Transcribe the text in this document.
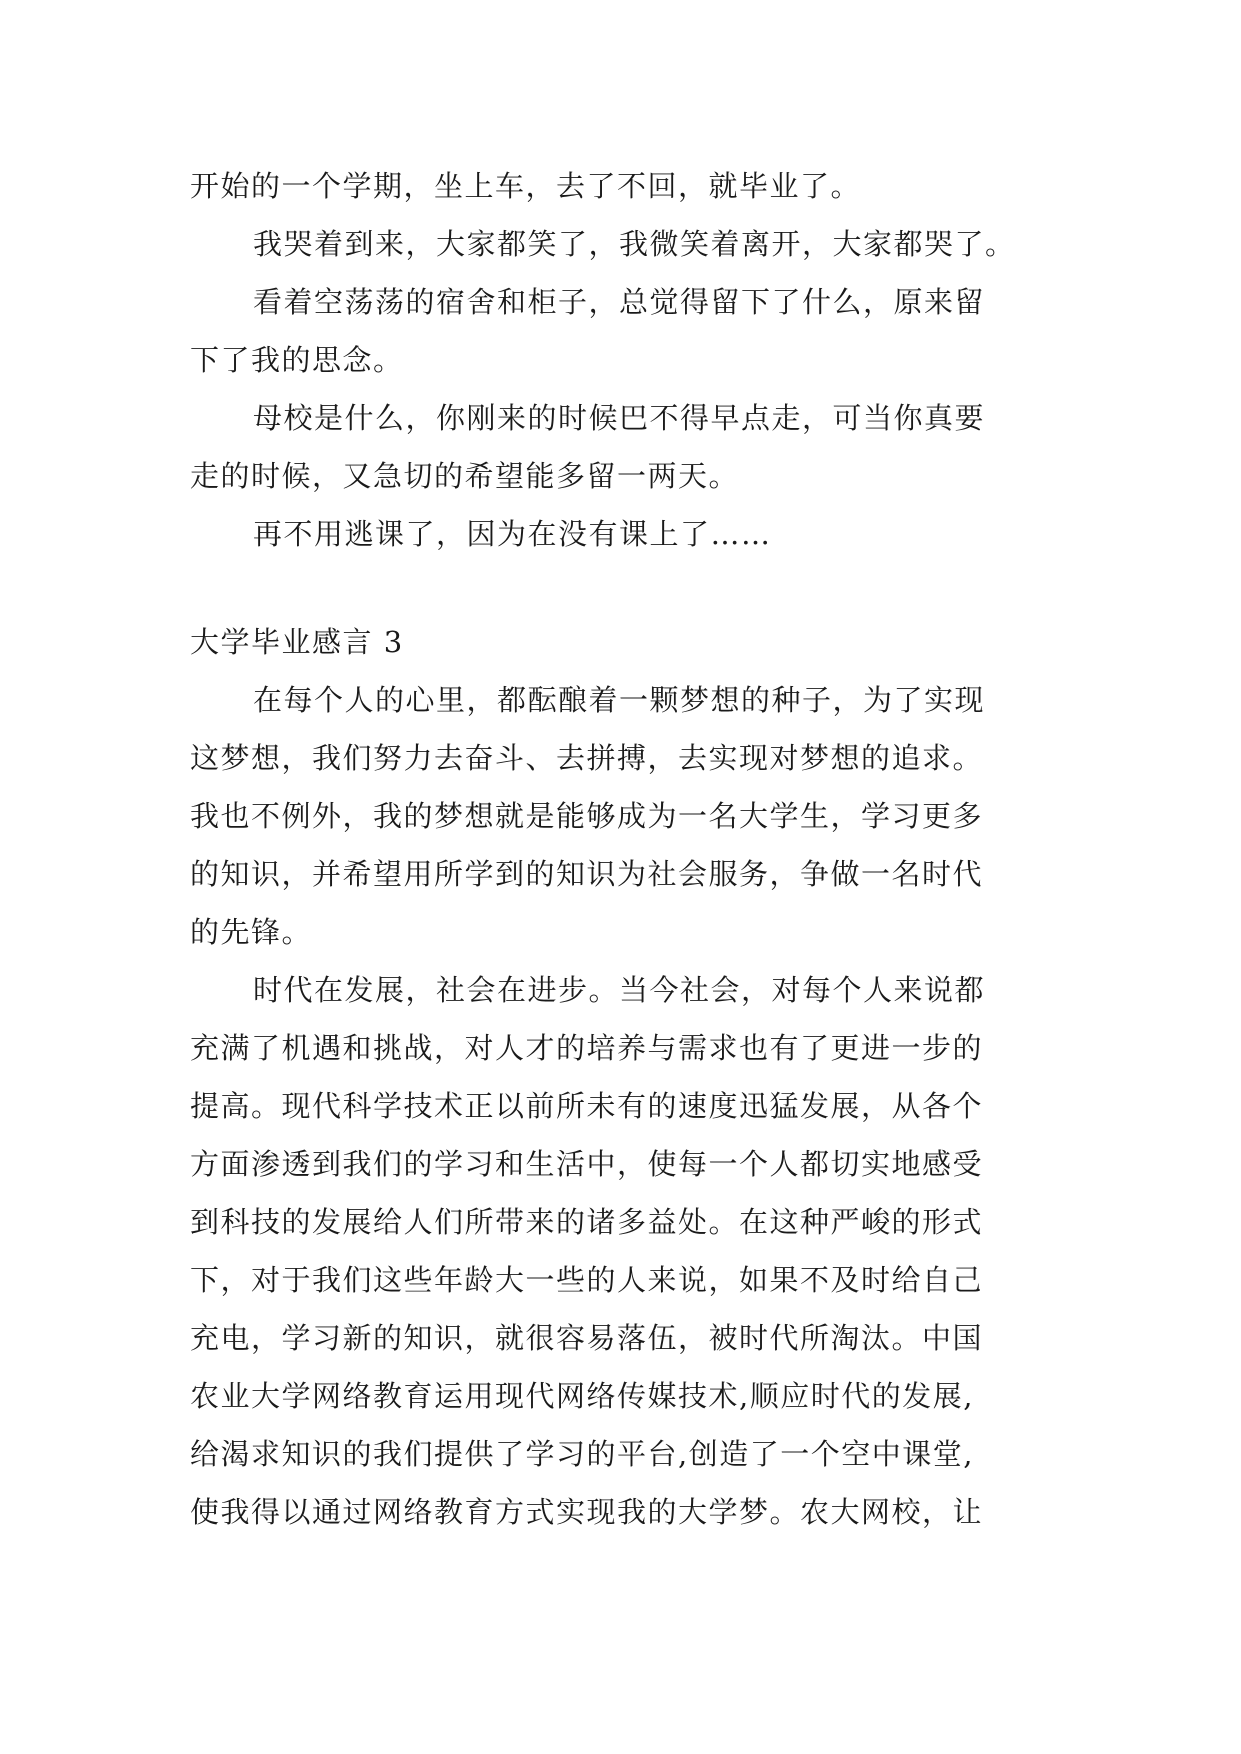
开始的一个学期，坐上车，去了不回，就毕业了。
我哭着到来，大家都笑了，我微笑着离开，大家都哭了。
看着空荡荡的宿舍和柜子，总觉得留下了什么，原来留
下了我的思念。
母校是什么，你刚来的时候巴不得早点走，可当你真要
走的时候，又急切的希望能多留一两天。
再不用逃课了，因为在没有课上了……
大学毕业感言 3
在每个人的心里，都酝酿着一颗梦想的种子，为了实现
这梦想，我们努力去奋斗、去拼搏，去实现对梦想的追求。
我也不例外，我的梦想就是能够成为一名大学生，学习更多
的知识，并希望用所学到的知识为社会服务，争做一名时代
的先锋。
时代在发展，社会在进步。当今社会，对每个人来说都
充满了机遇和挑战，对人才的培养与需求也有了更进一步的
提高。现代科学技术正以前所未有的速度迅猛发展，从各个
方面渗透到我们的学习和生活中，使每一个人都切实地感受
到科技的发展给人们所带来的诸多益处。在这种严峻的形式
下，对于我们这些年龄大一些的人来说，如果不及时给自己
充电，学习新的知识，就很容易落伍，被时代所淘汰。中国
农业大学网络教育运用现代网络传媒技术,顺应时代的发展,
给渴求知识的我们提供了学习的平台,创造了一个空中课堂,
使我得以通过网络教育方式实现我的大学梦。农大网校，让
